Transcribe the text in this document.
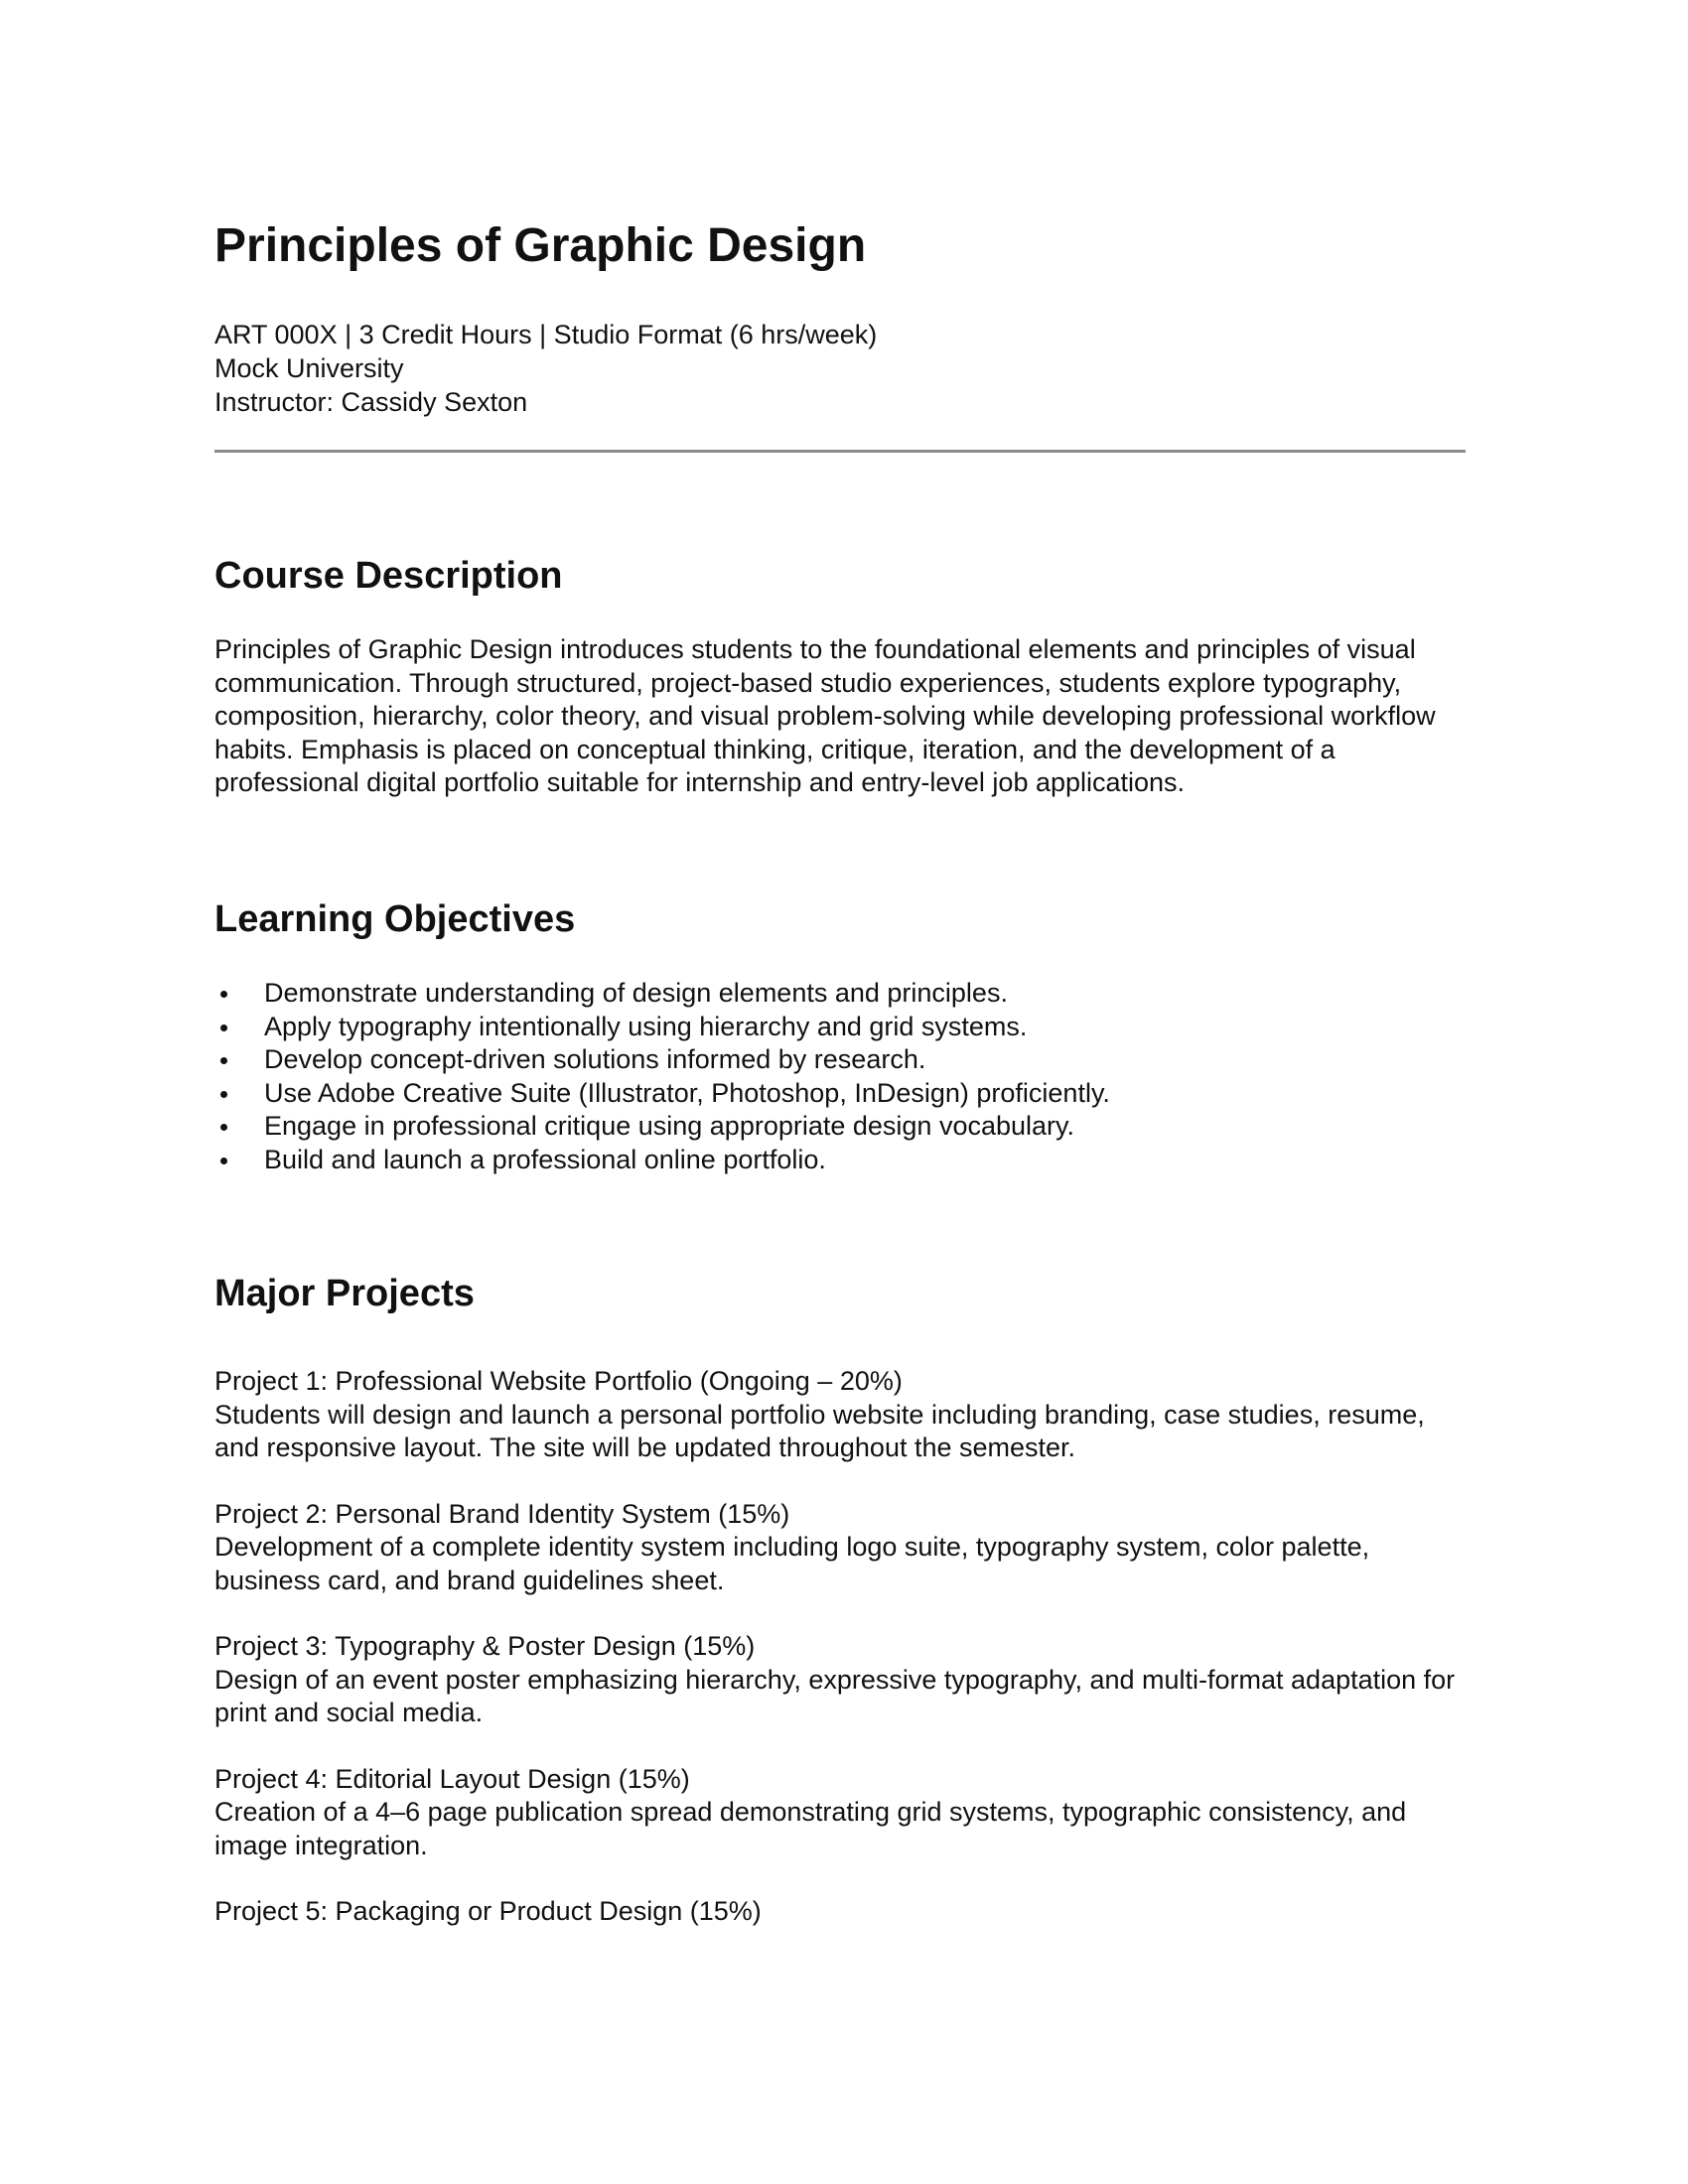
Principles of Graphic Design
ART 000X | 3 Credit Hours | Studio Format (6 hrs/week)
Mock University
Instructor: Cassidy Sexton
Course Description

Principles of Graphic Design introduces students to the foundational elements and principles of visual communication. Through structured, project-based studio experiences, students explore typography, composition, hierarchy, color theory, and visual problem-solving while developing professional workflow habits. Emphasis is placed on conceptual thinking, critique, iteration, and the development of a professional digital portfolio suitable for internship and entry-level job applications.

Learning Objectives
Demonstrate understanding of design elements and principles.
Apply typography intentionally using hierarchy and grid systems.
Develop concept-driven solutions informed by research.
Use Adobe Creative Suite (Illustrator, Photoshop, InDesign) proficiently.
Engage in professional critique using appropriate design vocabulary.
Build and launch a professional online portfolio.
Major Projects

Project 1: Professional Website Portfolio (Ongoing – 20%)

Students will design and launch a personal portfolio website including branding, case studies, resume, and responsive layout. The site will be updated throughout the semester.

Project 2: Personal Brand Identity System (15%)

Development of a complete identity system including logo suite, typography system, color palette, business card, and brand guidelines sheet.

Project 3: Typography & Poster Design (15%)

Design of an event poster emphasizing hierarchy, expressive typography, and multi-format adaptation for print and social media.

Project 4: Editorial Layout Design (15%)

Creation of a 4–6 page publication spread demonstrating grid systems, typographic consistency, and image integration.

Project 5: Packaging or Product Design (15%)
